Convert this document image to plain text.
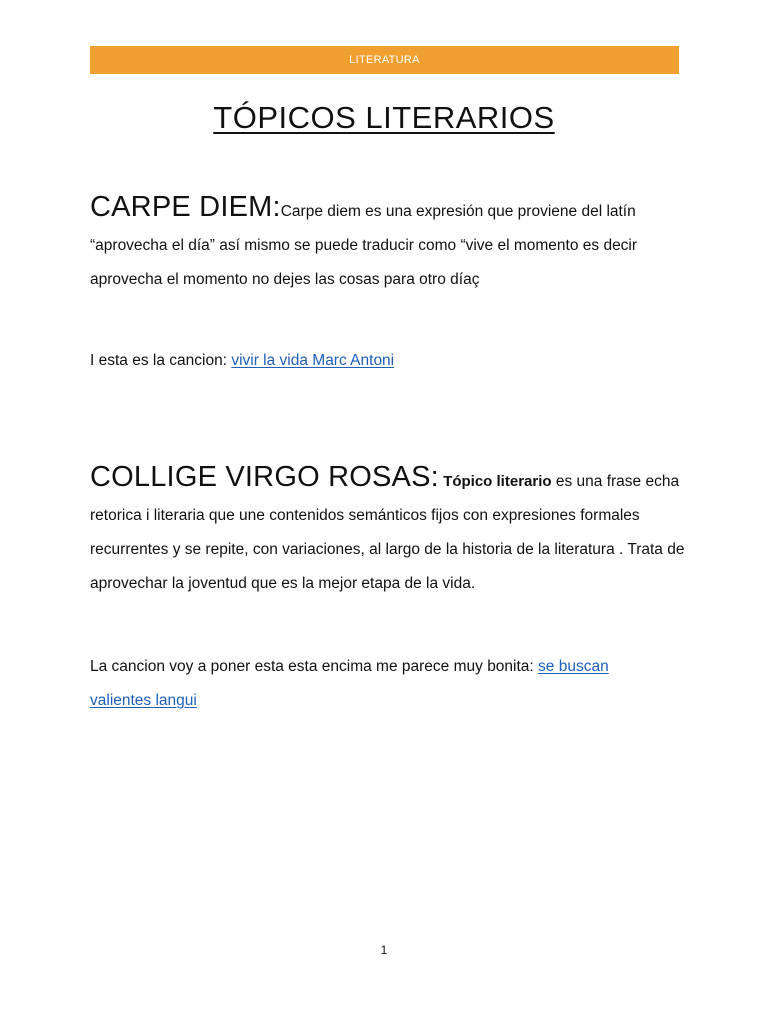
LITERATURA
TÓPICOS LITERARIOS
CARPE DIEM:Carpe diem es una expresión que proviene del latín “aprovecha el día” así mismo se puede traducir como “vive el momento es decir aprovecha el momento no dejes las cosas para otro díaç
I esta es la cancion: vivir la vida Marc Antoni
COLLIGE VIRGO ROSAS: Tópico literario es una frase echa retorica i literaria que une contenidos semánticos fijos con expresiones formales recurrentes y se repite, con variaciones, al largo de la historia de la literatura . Trata de aprovechar la joventud que es la mejor etapa de la vida.
La cancion voy a poner esta esta encima me parece muy bonita: se buscan valientes langui
1
